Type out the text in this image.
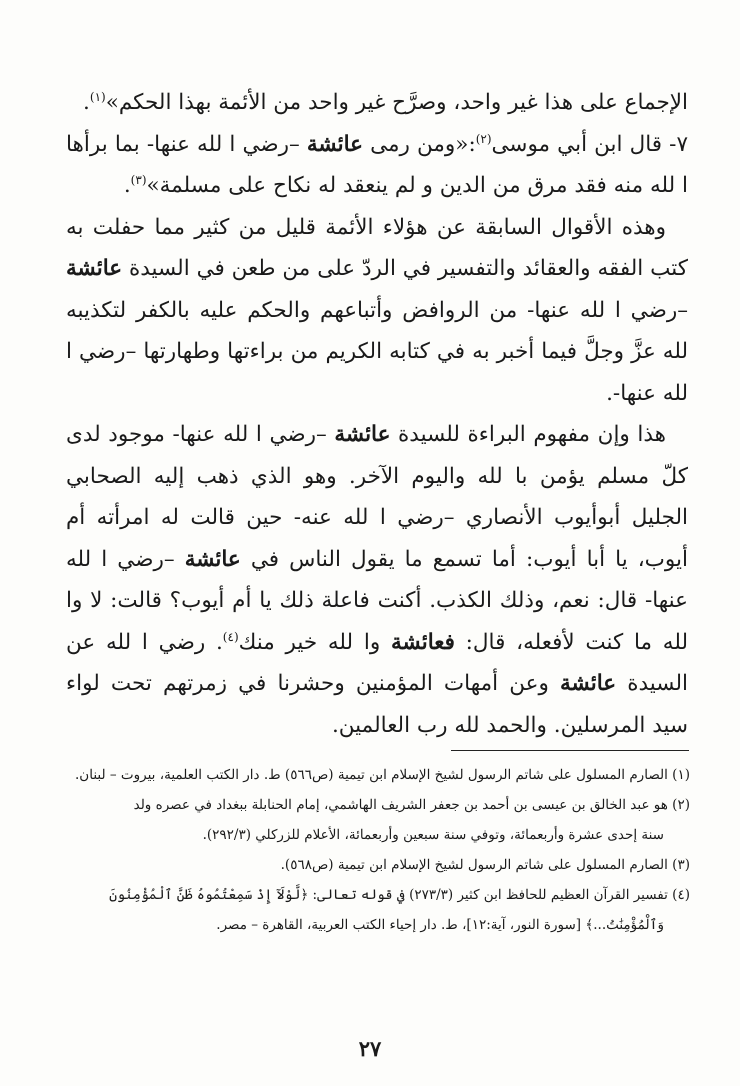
الإجماع على هذا غير واحد، وصرَّح غير واحد من الأئمة بهذا الحكم»$^{(١)}$.

٧- قال ابن أبي موسى$^{(٢)}$:«ومن رمى عائشة –رضي ا لله عنها- بما برأها ا لله منه فقد مرق من الدين و لم ينعقد له نكاح على مسلمة»$^{(٣)}$.

وهذه الأقوال السابقة عن هؤلاء الأئمة قليل من كثير مما حفلت به كتب الفقه والعقائد والتفسير في الردّ على من طعن في السيدة عائشة –رضي ا لله عنها- من الروافض وأتباعهم والحكم عليه بالكفر لتكذيبه لله عزَّ وجلَّ فيما أخبر به في كتابه الكريم من براءتها وطهارتها –رضي ا لله عنها-.

هذا وإن مفهوم البراءة للسيدة عائشة –رضي ا لله عنها- موجود لدى كلّ مسلم يؤمن با لله واليوم الآخر. وهو الذي ذهب إليه الصحابي الجليل أبوأيوب الأنصاري –رضي ا لله عنه- حين قالت له امرأته أم أيوب، يا أبا أيوب: أما تسمع ما يقول الناس في عائشة –رضي ا لله عنها- قال: نعم، وذلك الكذب. أكنت فاعلة ذلك يا أم أيوب؟ قالت: لا وا لله ما كنت لأفعله، قال: فعائشة وا لله خير منك$^{(٤)}$. رضي ا لله عن السيدة عائشة وعن أمهات المؤمنين وحشرنا في زمرتهم تحت لواء سيد المرسلين. والحمد لله رب العالمين.

(١) الصارم المسلول على شاتم الرسول لشيخ الإسلام ابن تيمية (ص٥٦٦) ط. دار الكتب العلمية، بيروت – لبنان.

(٢) هو عبد الخالق بن عيسى بن أحمد بن جعفر الشريف الهاشمي، إمام الحنابلة ببغداد في عصره ولد

سنة إحدى عشرة وأربعمائة، وتوفي سنة سبعين وأربعمائة، الأعلام للزركلي (٢٩٢/٣).

(٣) الصارم المسلول على شاتم الرسول لشيخ الإسلام ابن تيمية (ص٥٦٨).

(٤) تفسير القرآن العظيم للحافظ ابن كثير (٢٧٣/٣) في قوله تعالى: ﴿لَّوْلَآ إِذْ سَمِعْتُمُوهُ ظَنَّ ٱلْمُؤْمِنُونَ

وَٱلْمُؤْمِنَٰتُ...﴾ [سورة النور، آية:١٢]، ط. دار إحياء الكتب العربية، القاهرة – مصر.

٢٧
